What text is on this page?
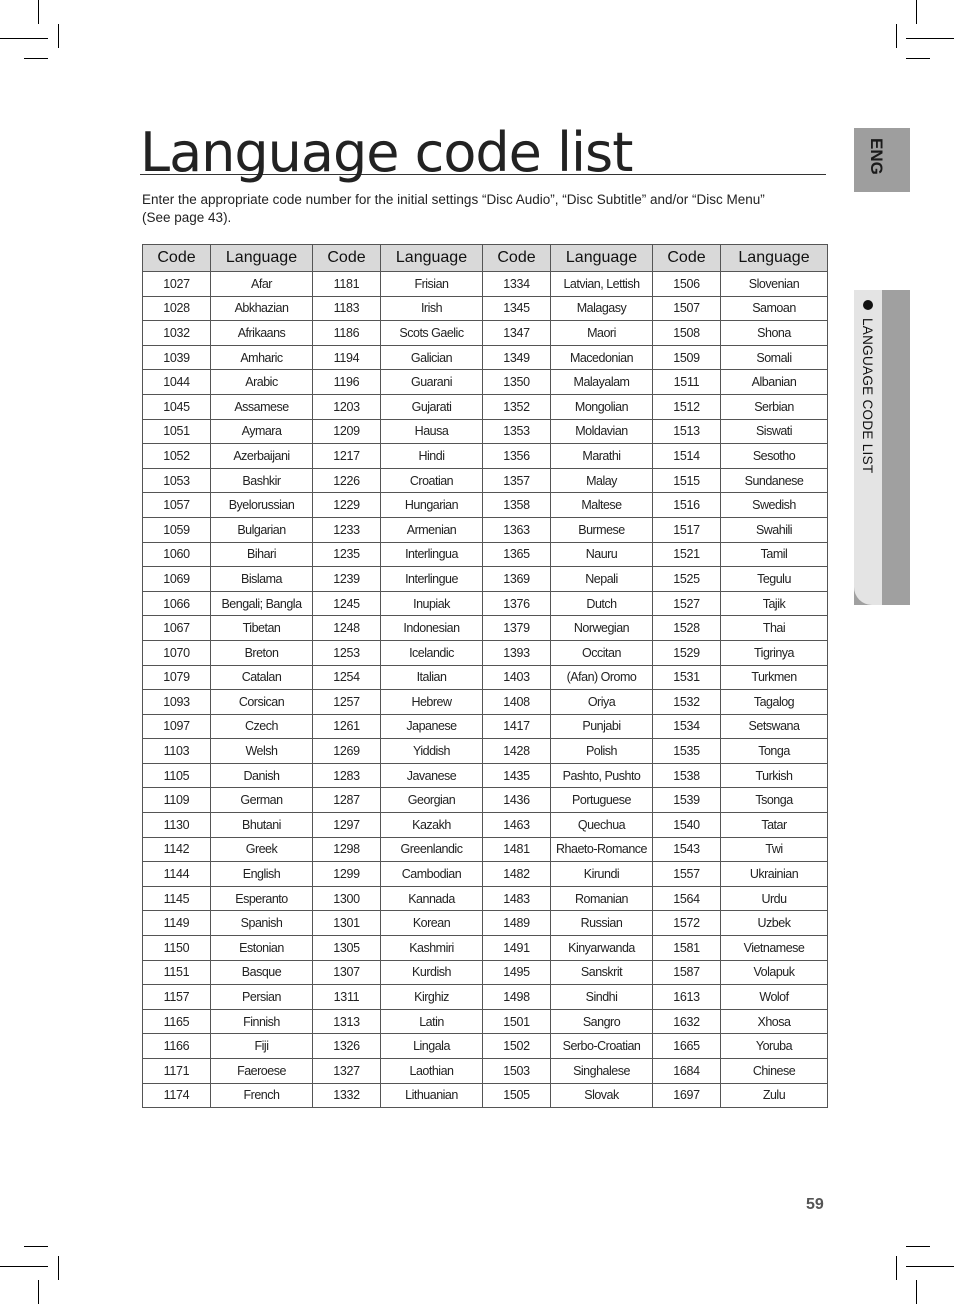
Language code list
Enter the appropriate code number for the initial settings “Disc Audio”, “Disc Subtitle” and/or “Disc Menu”
(See page 43).
Code	Language	Code	Language	Code	Language	Code	Language
1027	Afar	1181	Frisian	1334	Latvian, Lettish	1506	Slovenian
1028	Abkhazian	1183	Irish	1345	Malagasy	1507	Samoan
1032	Afrikaans	1186	Scots Gaelic	1347	Maori	1508	Shona
1039	Amharic	1194	Galician	1349	Macedonian	1509	Somali
1044	Arabic	1196	Guarani	1350	Malayalam	1511	Albanian
1045	Assamese	1203	Gujarati	1352	Mongolian	1512	Serbian
1051	Aymara	1209	Hausa	1353	Moldavian	1513	Siswati
1052	Azerbaijani	1217	Hindi	1356	Marathi	1514	Sesotho
1053	Bashkir	1226	Croatian	1357	Malay	1515	Sundanese
1057	Byelorussian	1229	Hungarian	1358	Maltese	1516	Swedish
1059	Bulgarian	1233	Armenian	1363	Burmese	1517	Swahili
1060	Bihari	1235	Interlingua	1365	Nauru	1521	Tamil
1069	Bislama	1239	Interlingue	1369	Nepali	1525	Tegulu
1066	Bengali; Bangla	1245	Inupiak	1376	Dutch	1527	Tajik
1067	Tibetan	1248	Indonesian	1379	Norwegian	1528	Thai
1070	Breton	1253	Icelandic	1393	Occitan	1529	Tigrinya
1079	Catalan	1254	Italian	1403	(Afan) Oromo	1531	Turkmen
1093	Corsican	1257	Hebrew	1408	Oriya	1532	Tagalog
1097	Czech	1261	Japanese	1417	Punjabi	1534	Setswana
1103	Welsh	1269	Yiddish	1428	Polish	1535	Tonga
1105	Danish	1283	Javanese	1435	Pashto, Pushto	1538	Turkish
1109	German	1287	Georgian	1436	Portuguese	1539	Tsonga
1130	Bhutani	1297	Kazakh	1463	Quechua	1540	Tatar
1142	Greek	1298	Greenlandic	1481	Rhaeto-Romance	1543	Twi
1144	English	1299	Cambodian	1482	Kirundi	1557	Ukrainian
1145	Esperanto	1300	Kannada	1483	Romanian	1564	Urdu
1149	Spanish	1301	Korean	1489	Russian	1572	Uzbek
1150	Estonian	1305	Kashmiri	1491	Kinyarwanda	1581	Vietnamese
1151	Basque	1307	Kurdish	1495	Sanskrit	1587	Volapuk
1157	Persian	1311	Kirghiz	1498	Sindhi	1613	Wolof
1165	Finnish	1313	Latin	1501	Sangro	1632	Xhosa
1166	Fiji	1326	Lingala	1502	Serbo-Croatian	1665	Yoruba
1171	Faeroese	1327	Laothian	1503	Singhalese	1684	Chinese
1174	French	1332	Lithuanian	1505	Slovak	1697	Zulu
ENG
LANGUAGE CODE LIST
59
